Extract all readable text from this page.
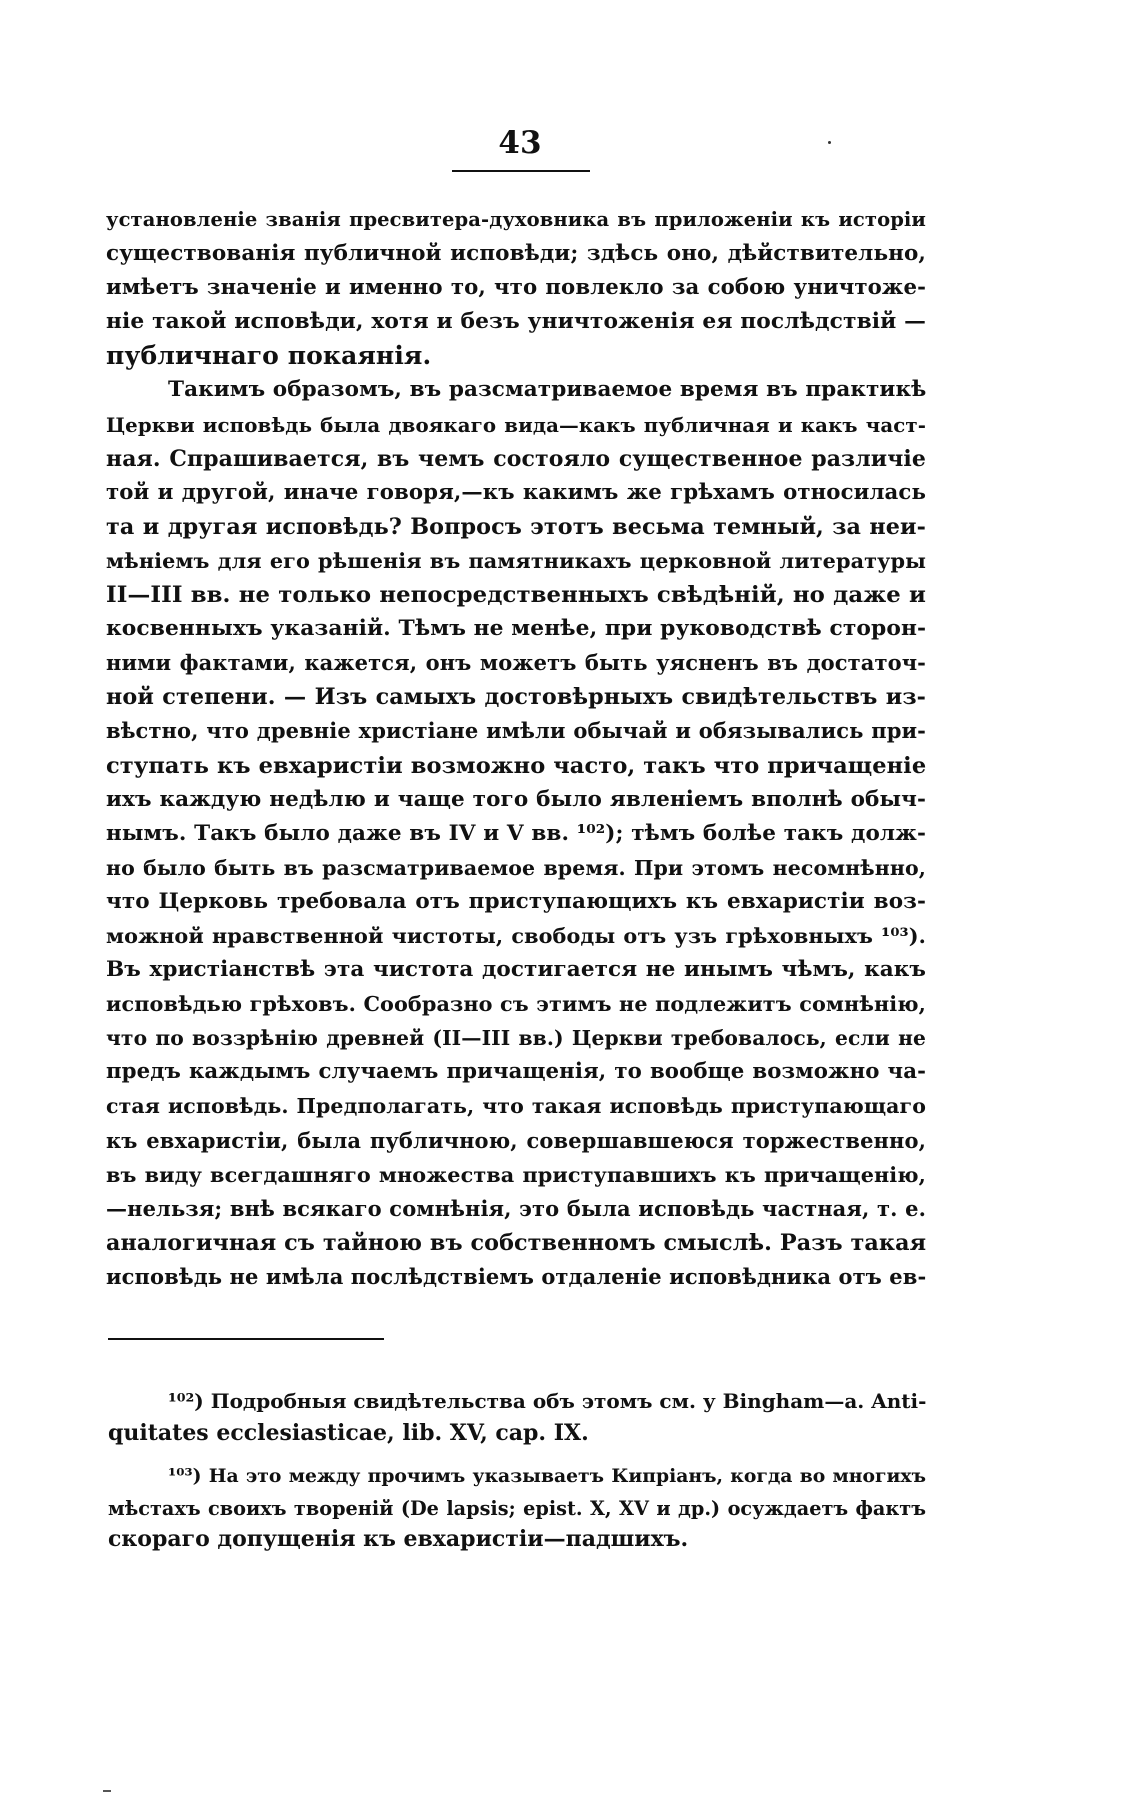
43
установленіе званія пресвитера-духовника въ приложеніи къ исторіи
существованія публичной исповѣди; здѣсь оно, дѣйствительно,
имѣетъ значеніе и именно то, что повлекло за собою уничтоже-
ніе такой исповѣди, хотя и безъ уничтоженія ея послѣдствій —
публичнаго покаянія.
Такимъ образомъ, въ разсматриваемое время въ практикѣ
Церкви исповѣдь была двоякаго вида—какъ публичная и какъ част-
ная. Спрашивается, въ чемъ состояло существенное различіе
той и другой, иначе говоря,—къ какимъ же грѣхамъ относилась
та и другая исповѣдь? Вопросъ этотъ весьма темный, за неи-
мѣніемъ для его рѣшенія въ памятникахъ церковной литературы
II—III вв. не только непосредственныхъ свѣдѣній, но даже и
косвенныхъ указаній. Тѣмъ не менѣе, при руководствѣ сторон-
ними фактами, кажется, онъ можетъ быть уясненъ въ достаточ-
ной степени. — Изъ самыхъ достовѣрныхъ свидѣтельствъ из-
вѣстно, что древніе христіане имѣли обычай и обязывались при-
ступать къ евхаристіи возможно часто, такъ что причащеніе
ихъ каждую недѣлю и чаще того было явленіемъ вполнѣ обыч-
нымъ. Такъ было даже въ IV и V вв. ¹⁰²); тѣмъ болѣе такъ долж-
но было быть въ разсматриваемое время. При этомъ несомнѣнно,
что Церковь требовала отъ приступающихъ къ евхаристіи воз-
можной нравственной чистоты, свободы отъ узъ грѣховныхъ ¹⁰³).
Въ христіанствѣ эта чистота достигается не инымъ чѣмъ, какъ
исповѣдью грѣховъ. Сообразно съ этимъ не подлежитъ сомнѣнію,
что по воззрѣнію древней (II—III вв.) Церкви требовалось, если не
предъ каждымъ случаемъ причащенія, то вообще возможно ча-
стая исповѣдь. Предполагать, что такая исповѣдь приступающаго
къ евхаристіи, была публичною, совершавшеюся торжественно,
въ виду всегдашняго множества приступавшихъ къ причащенію,
—нельзя; внѣ всякаго сомнѣнія, это была исповѣдь частная, т. е.
аналогичная съ тайною въ собственномъ смыслѣ. Разъ такая
исповѣдь не имѣла послѣдствіемъ отдаленіе исповѣдника отъ ев-
¹⁰²) Подробныя свидѣтельства объ этомъ см. у Bingham—a. Anti-
quitates ecclesiasticae, lib. XV, cap. IX.
¹⁰³) На это между прочимъ указываетъ Кипріанъ, когда во многихъ
мѣстахъ своихъ твореній (De lapsis; epist. X, XV и др.) осуждаетъ фактъ
скораго допущенія къ евхаристіи—падшихъ.
